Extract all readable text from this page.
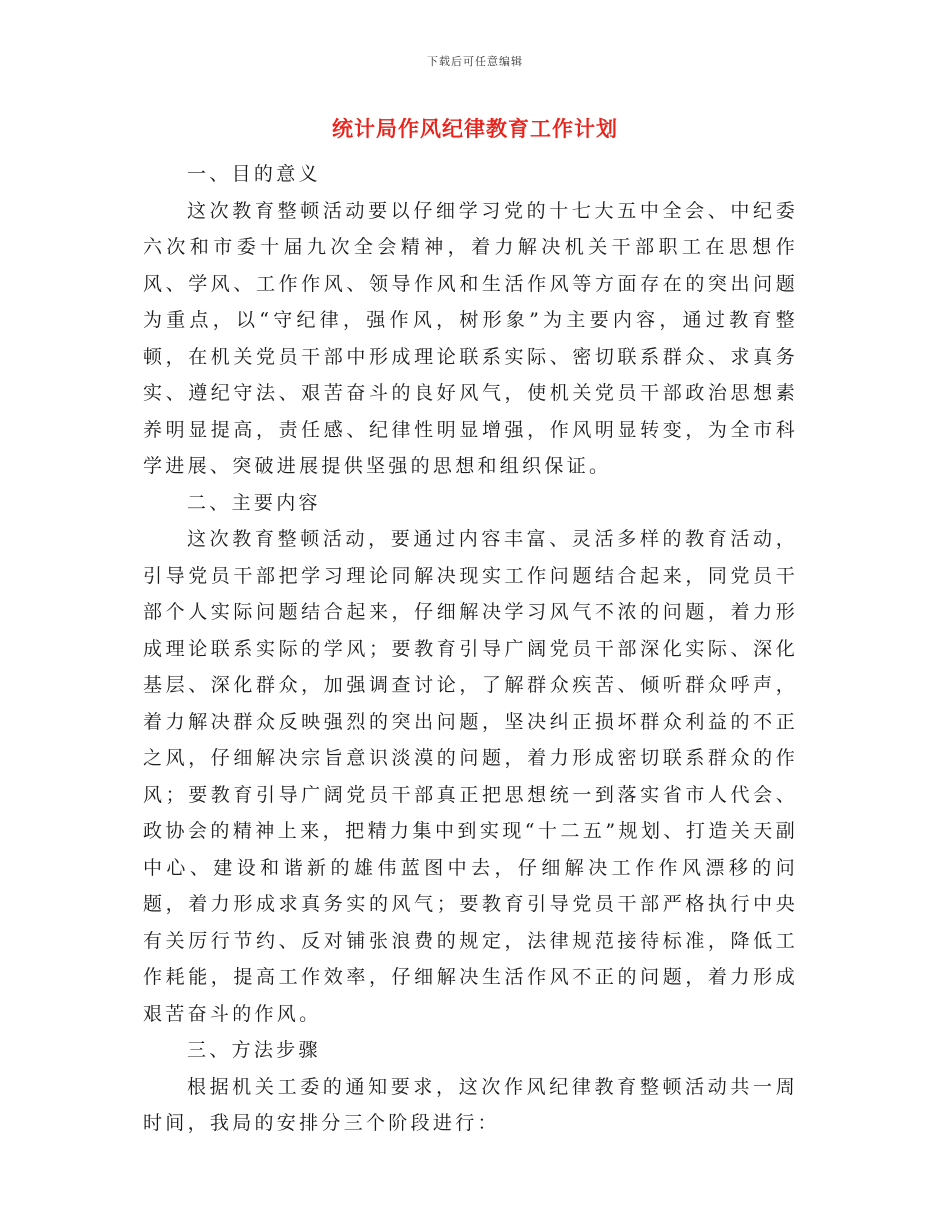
下载后可任意编辑
统计局作风纪律教育工作计划

一、目的意义

这次教育整顿活动要以仔细学习党的十七大五中全会、中纪委六次和市委十届九次全会精神，着力解决机关干部职工在思想作风、学风、工作作风、领导作风和生活作风等方面存在的突出问题为重点，以“守纪律，强作风，树形象”为主要内容，通过教育整顿，在机关党员干部中形成理论联系实际、密切联系群众、求真务实、遵纪守法、艰苦奋斗的良好风气，使机关党员干部政治思想素养明显提高，责任感、纪律性明显增强，作风明显转变，为全市科学进展、突破进展提供坚强的思想和组织保证。

二、主要内容

这次教育整顿活动，要通过内容丰富、灵活多样的教育活动，引导党员干部把学习理论同解决现实工作问题结合起来，同党员干部个人实际问题结合起来，仔细解决学习风气不浓的问题，着力形成理论联系实际的学风；要教育引导广阔党员干部深化实际、深化基层、深化群众，加强调查讨论，了解群众疾苦、倾听群众呼声，着力解决群众反映强烈的突出问题，坚决纠正损坏群众利益的不正之风，仔细解决宗旨意识淡漠的问题，着力形成密切联系群众的作风；要教育引导广阔党员干部真正把思想统一到落实省市人代会、政协会的精神上来，把精力集中到实现“十二五”规划、打造关天副中心、建设和谐新的雄伟蓝图中去，仔细解决工作作风漂移的问题，着力形成求真务实的风气；要教育引导党员干部严格执行中央有关厉行节约、反对铺张浪费的规定，法律规范接待标准，降低工作耗能，提高工作效率，仔细解决生活作风不正的问题，着力形成艰苦奋斗的作风。

三、方法步骤

根据机关工委的通知要求，这次作风纪律教育整顿活动共一周时间，我局的安排分三个阶段进行：
